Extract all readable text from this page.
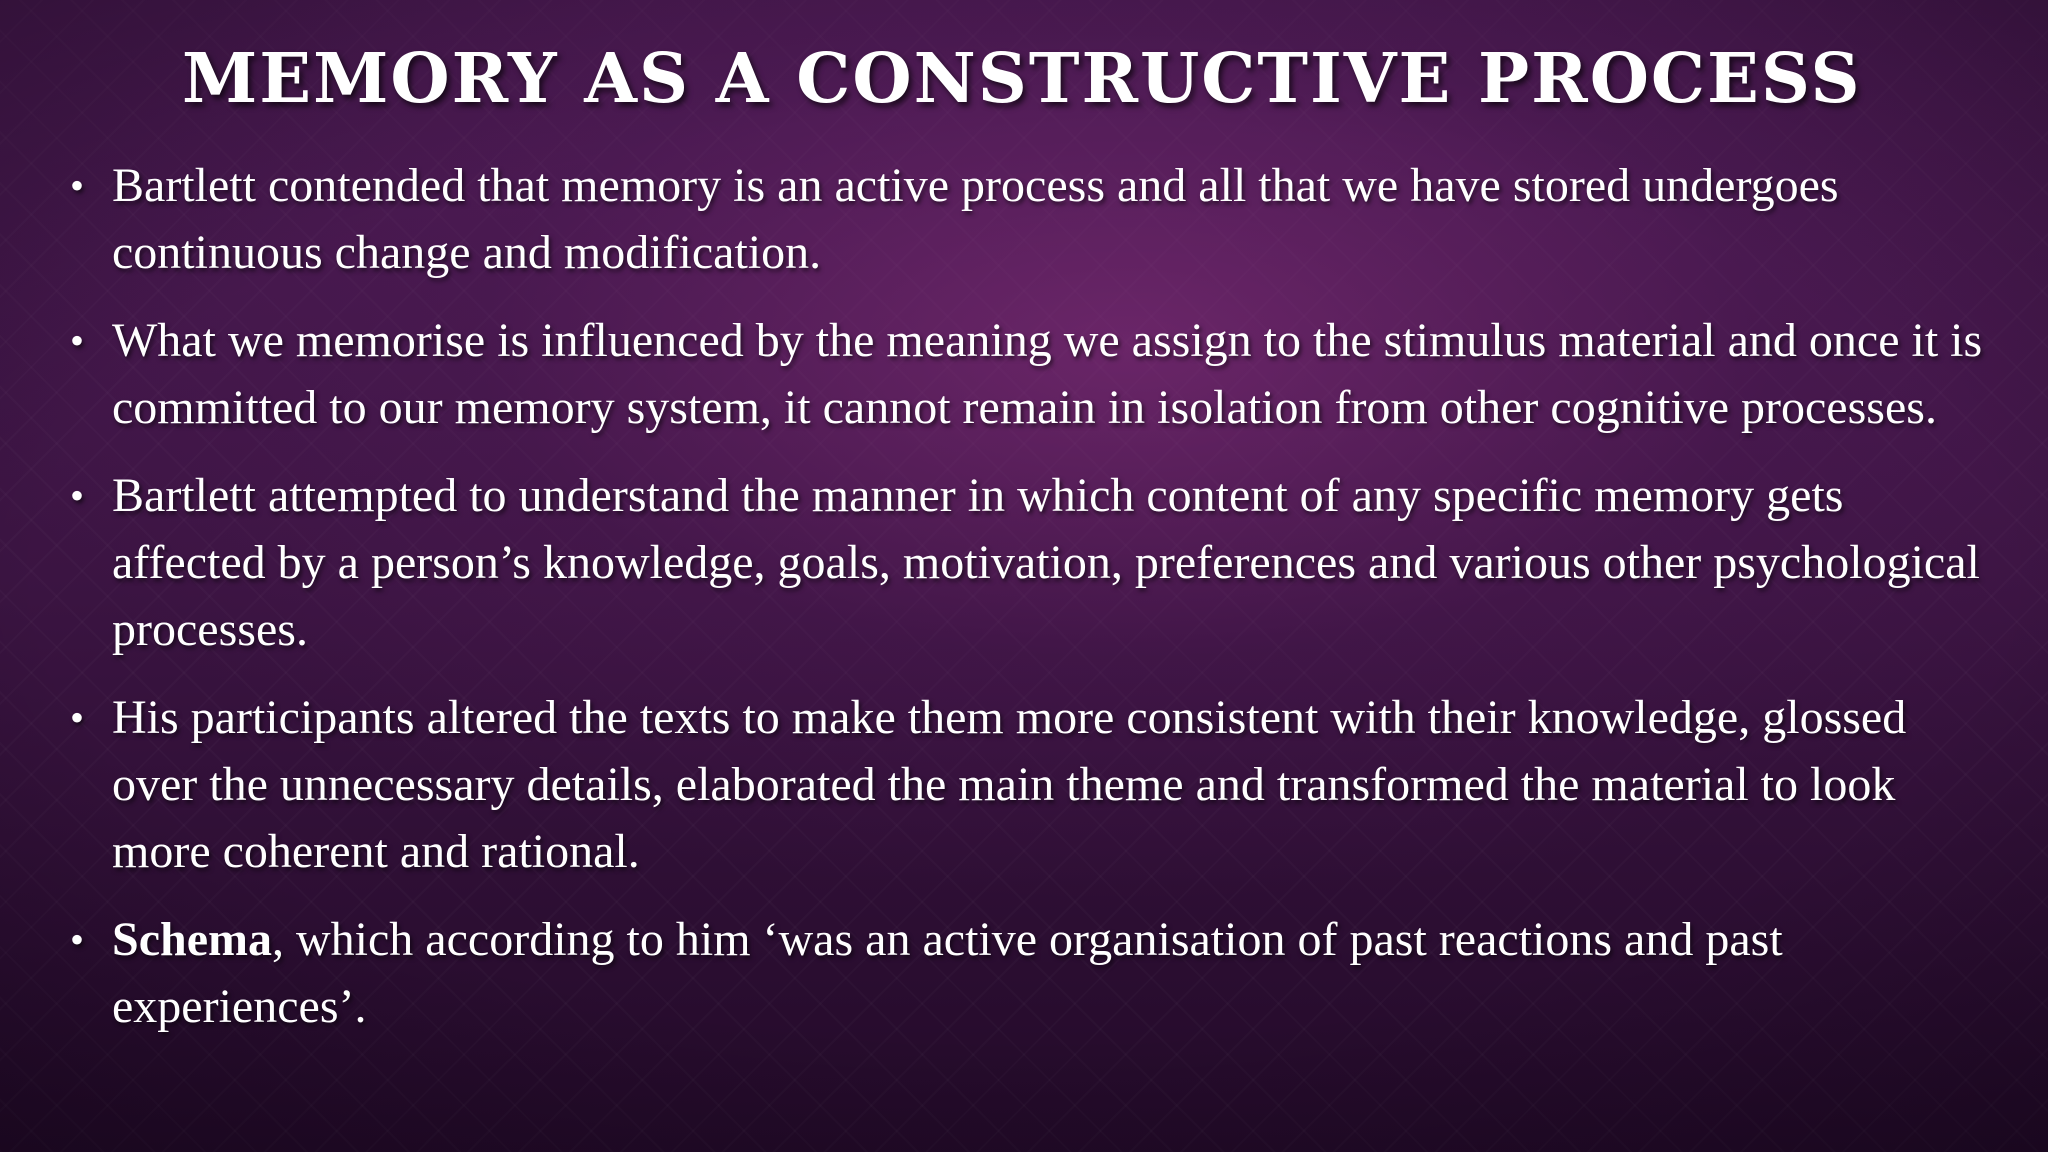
MEMORY AS A CONSTRUCTIVE PROCESS
• Bartlett contended that memory is an active process and all that we have stored undergoes continuous change and modification.
• What we memorise is influenced by the meaning we assign to the stimulus material and once it is committed to our memory system, it cannot remain in isolation from other cognitive processes.
• Bartlett attempted to understand the manner in which content of any specific memory gets affected by a person’s knowledge, goals, motivation, preferences and various other psychological processes.
• His participants altered the texts to make them more consistent with their knowledge, glossed over the unnecessary details, elaborated the main theme and transformed the material to look more coherent and rational.
• Schema, which according to him ‘was an active organisation of past reactions and past experiences’.
